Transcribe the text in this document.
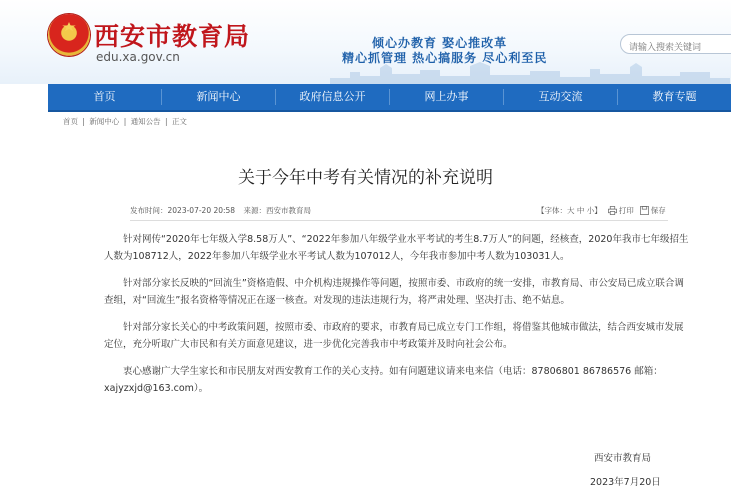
西安市教育局
edu.xa.gov.cn
倾心办教育 娶心推改革
精心抓管理 热心搞服务 尽心利至民
请输入搜索关键词
首页	新闻中心	政府信息公开	网上办事	互动交流	教育专题
首页 | 新闻中心 | 通知公告 | 正文
关于今年中考有关情况的补充说明
发布时间：2023-07-20 20:58 来源：西安市教育局	【字体：大 中 小】 打印 保存

针对网传“2020年七年级入学8.58万人”、“2022年参加八年级学业水平考试的考生8.7万人”的问题，经核查，2020年我市七年级招生人数为108712人，2022年参加八年级学业水平考试人数为107012人，今年我市参加中考人数为103031人。

针对部分家长反映的“回流生”资格造假、中介机构违规操作等问题，按照市委、市政府的统一安排，市教育局、市公安局已成立联合调查组，对“回流生”报名资格等情况正在逐一核查。对发现的违法违规行为，将严肃处理、坚决打击、绝不姑息。

针对部分家长关心的中考政策问题，按照市委、市政府的要求，市教育局已成立专门工作组，将借鉴其他城市做法，结合西安城市发展定位，充分听取广大市民和有关方面意见建议，进一步优化完善我市中考政策并及时向社会公布。

衷心感谢广大学生家长和市民朋友对西安教育工作的关心支持。如有问题建议请来电来信（电话：87806801 86786576 邮箱：xajyzxjd@163.com）。

西安市教育局
2023年7月20日
